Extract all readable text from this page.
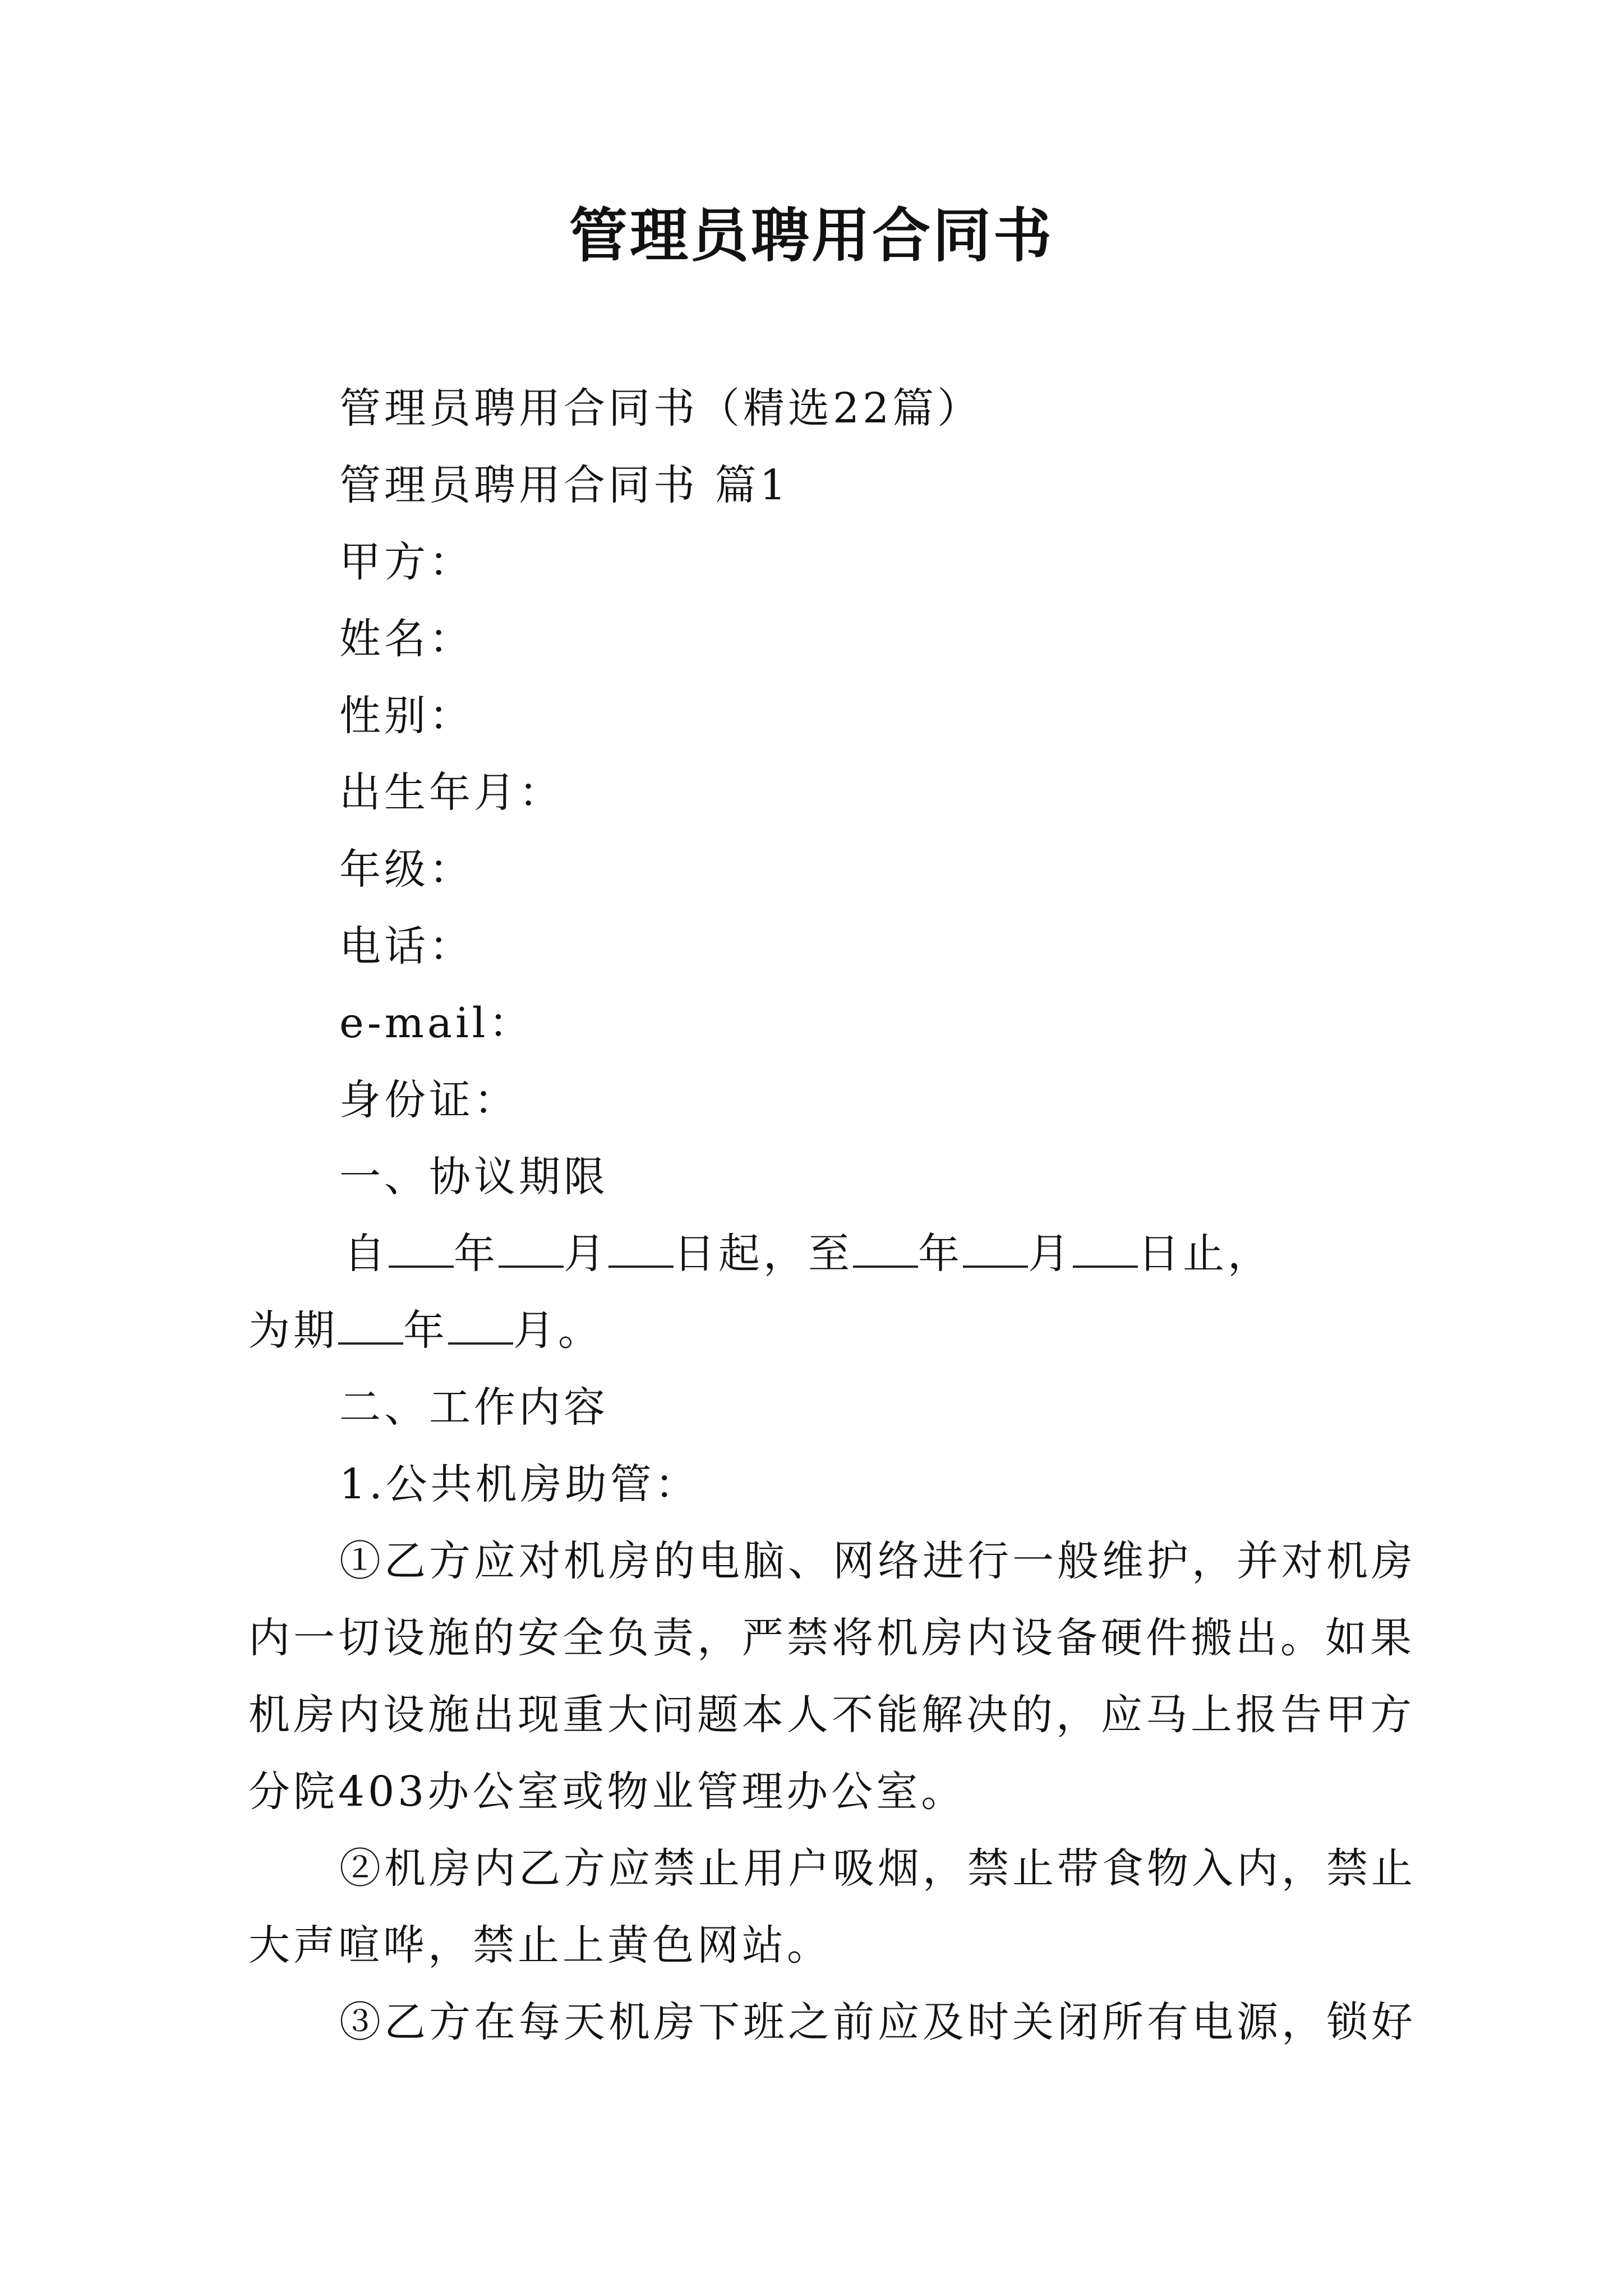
管理员聘用合同书

管理员聘用合同书（精选22篇）

管理员聘用合同书 篇1

甲方：

姓名：

性别：

出生年月：

年级：

电话：

e-mail：

身份证：

一、协议期限

自 年 月 日起，至 年 月 日止，

为期 年 月。

二、工作内容

1.公共机房助管：

①乙方应对机房的电脑、网络进行一般维护，并对机房

内一切设施的安全负责，严禁将机房内设备硬件搬出。如果

机房内设施出现重大问题本人不能解决的，应马上报告甲方

分院403办公室或物业管理办公室。

②机房内乙方应禁止用户吸烟，禁止带食物入内，禁止

大声喧哗，禁止上黄色网站。

③乙方在每天机房下班之前应及时关闭所有电源，锁好
